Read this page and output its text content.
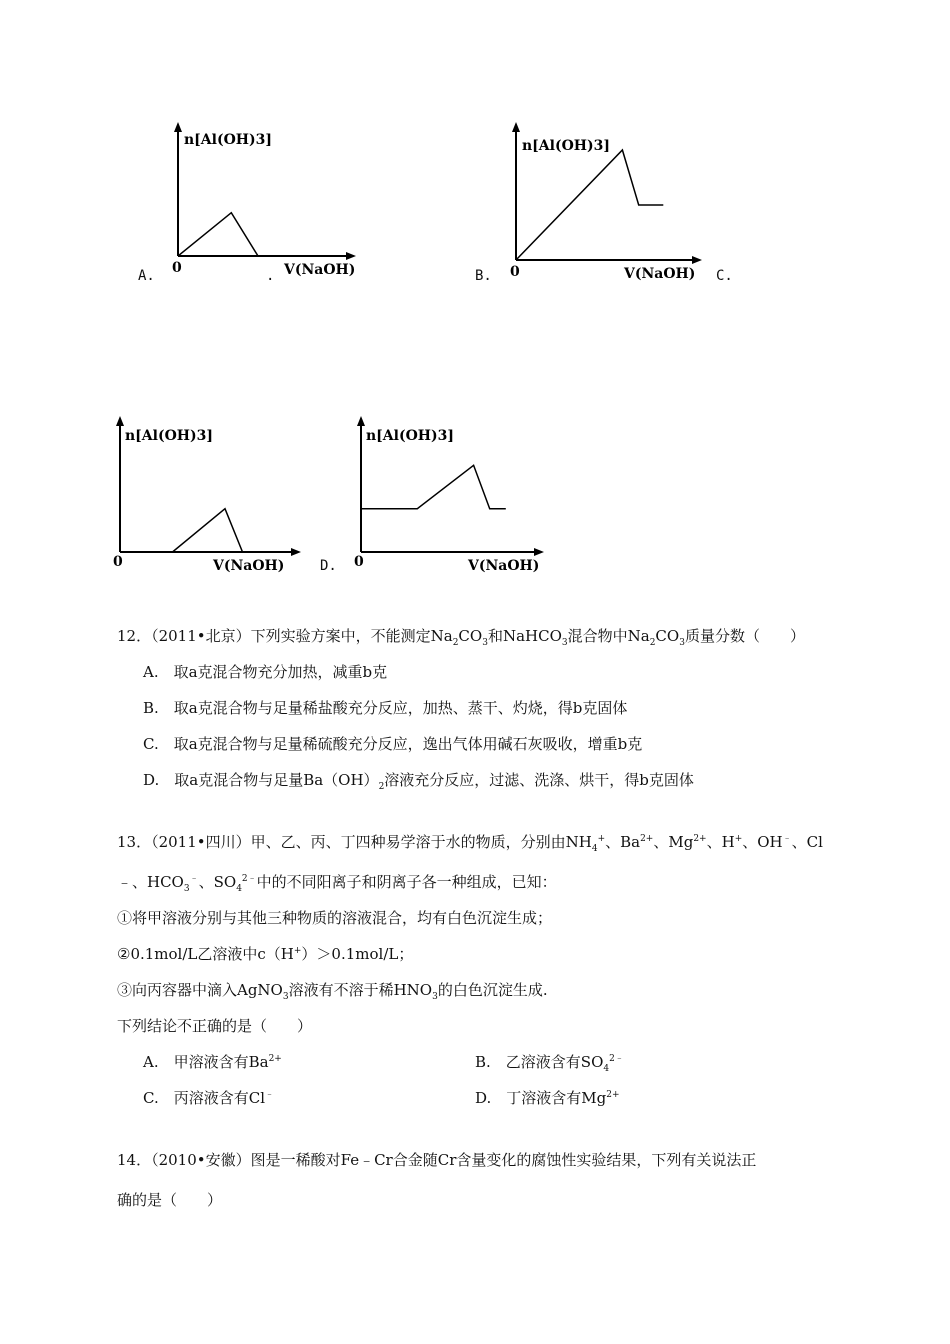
n[Al(OH)3]
0	V(NaOH)
A.	.
n[Al(OH)3]
0	V(NaOH)
B.	C.
n[Al(OH)3]
0	V(NaOH)	D.
n[Al(OH)3]
0	V(NaOH)
12．（2011•北京）下列实验方案中，不能测定$Na_2CO_3$和NaHCO$_3$混合物中$Na_2CO_3$质量分数（　　）
A.　取a克混合物充分加热，减重b克
B.　取a克混合物与足量稀盐酸充分反应，加热、蒸干、灼烧，得b克固体
C.　取a克混合物与足量稀硫酸充分反应，逸出气体用碱石灰吸收，增重b克
D.　取a克混合物与足量$Ba(OH)_2$溶液充分反应，过滤、洗涤、烘干，得b克固体
13．（2011•四川）甲、乙、丙、丁四种易学溶于水的物质，分别由$NH_4^+$、$Ba^{2+}$、$Mg^{2+}$、H+、OH﹣、Cl
﹣、$HCO_3^﹣$、$SO_4^{2﹣}$中的不同阳离子和阴离子各一种组成，已知：
①将甲溶液分别与其他三种物质的溶液混合，均有白色沉淀生成；
②0.1mol/L乙溶液中c（H+）＞0.1mol/L；
③向丙容器中滴入AgNO$_3$溶液有不溶于稀$HNO_3$的白色沉淀生成.
下列结论不正确的是（　　）
A.　甲溶液含有$Ba^{2+}$	B.　乙溶液含有$SO_4^{2﹣}$
C.　丙溶液含有Cl﹣	D.　丁溶液含有$Mg^{2+}$
14．（2010•安徽）图是一稀酸对Fe﹣Cr合金随Cr含量变化的腐蚀性实验结果，下列有关说法正
确的是（　　）
